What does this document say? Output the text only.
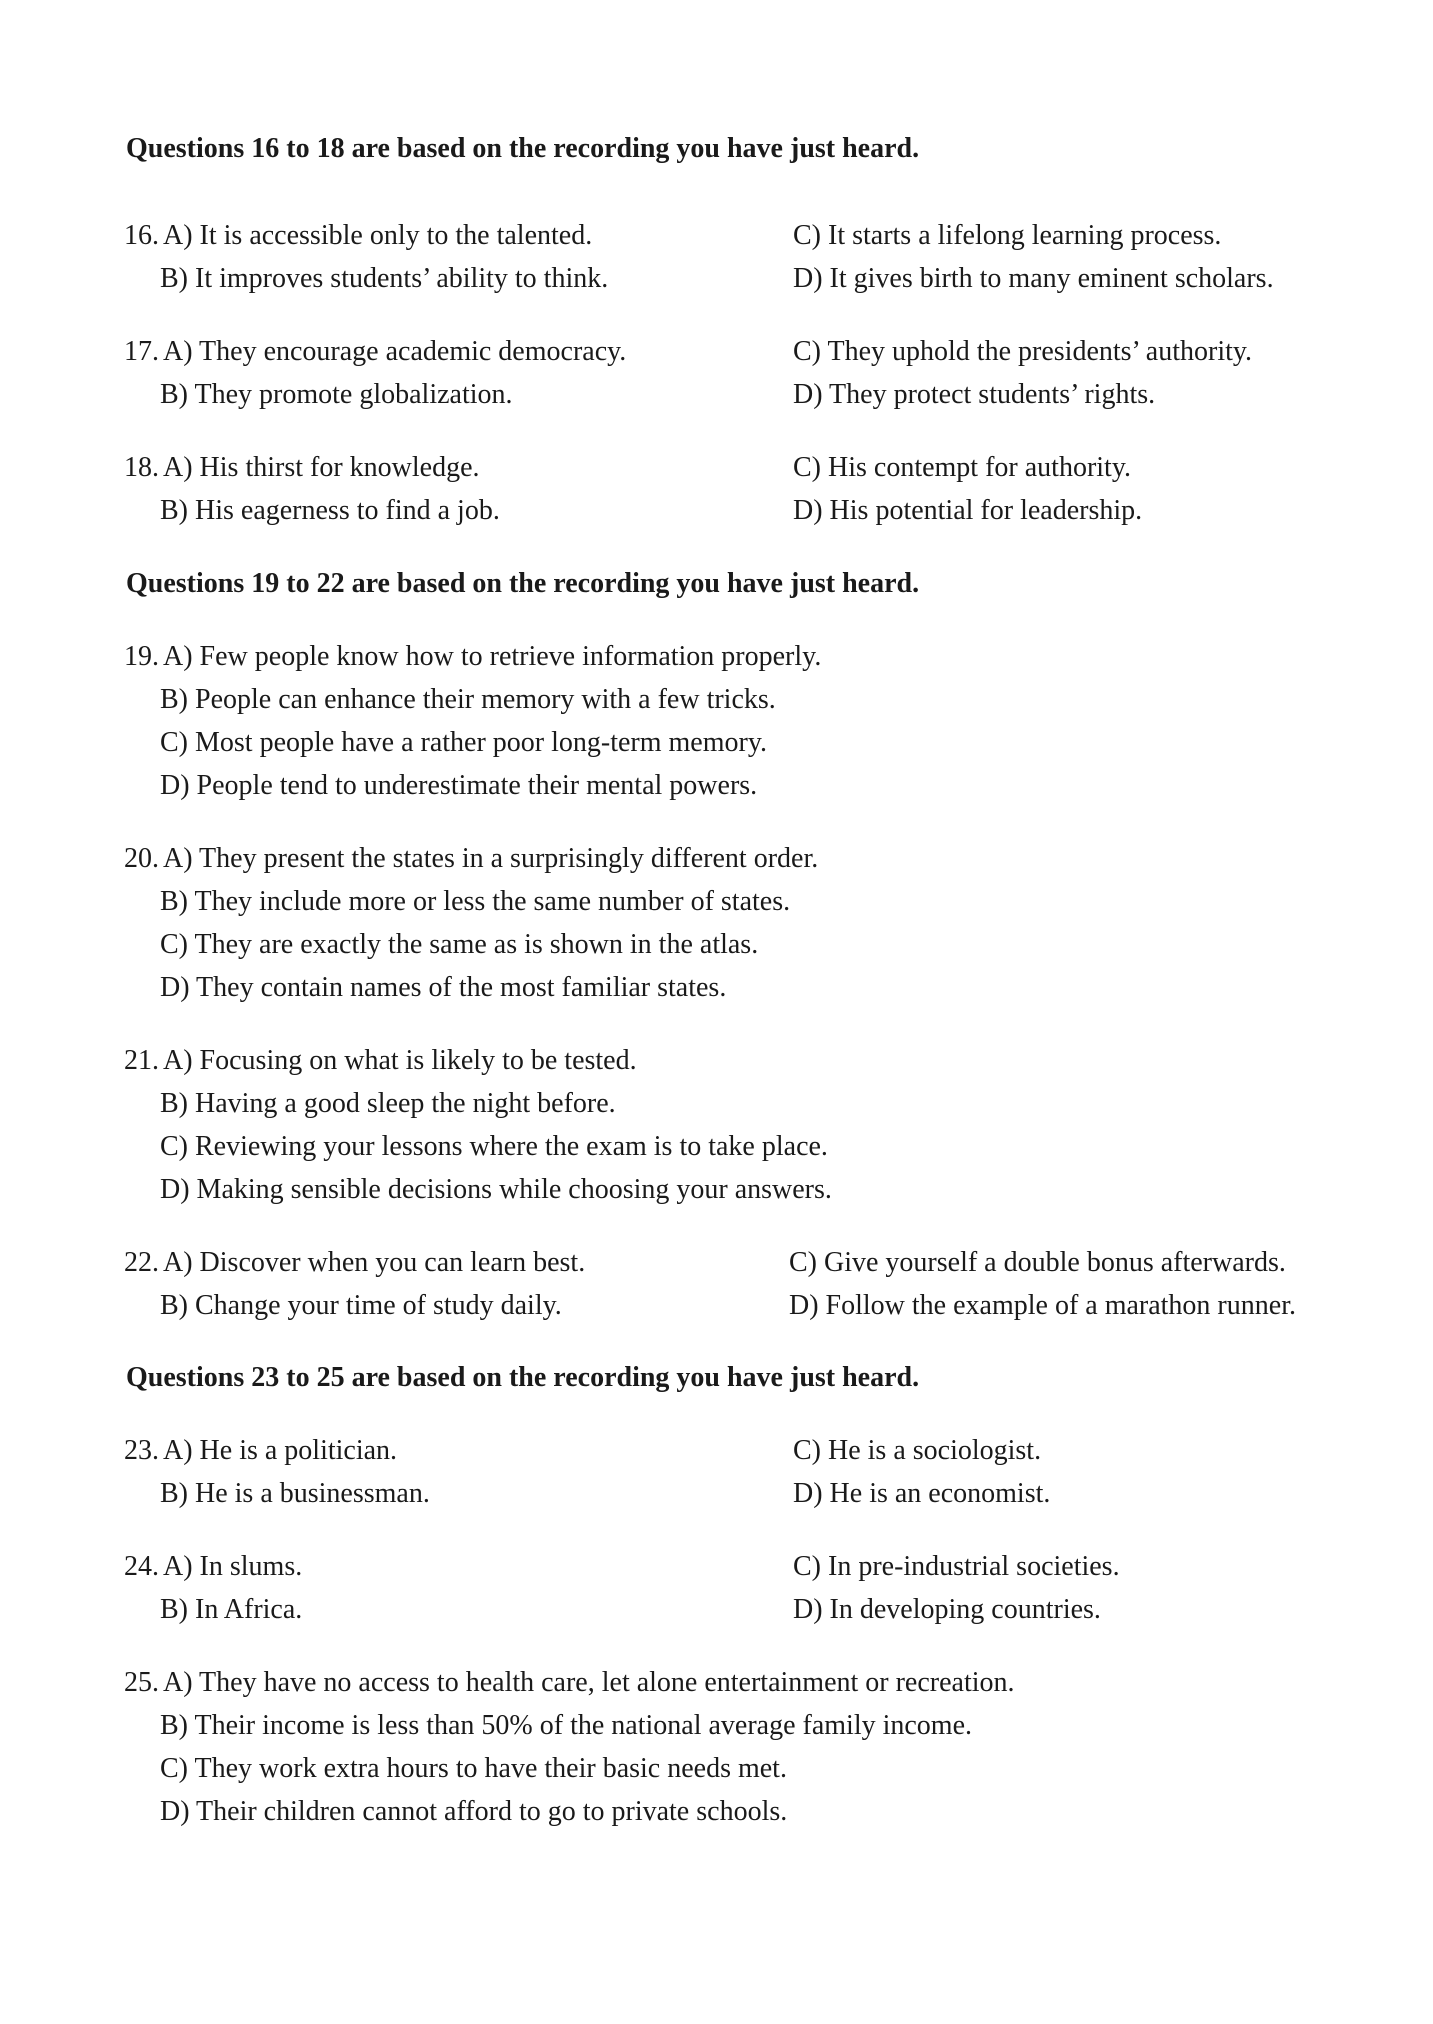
Questions 16 to 18 are based on the recording you have just heard.
16. A) It is accessible only to the talented.
B) It improves students’ ability to think.
C) It starts a lifelong learning process.
D) It gives birth to many eminent scholars.
17. A) They encourage academic democracy.
B) They promote globalization.
C) They uphold the presidents’ authority.
D) They protect students’ rights.
18. A) His thirst for knowledge.
B) His eagerness to find a job.
C) His contempt for authority.
D) His potential for leadership.
Questions 19 to 22 are based on the recording you have just heard.
19. A) Few people know how to retrieve information properly.
B) People can enhance their memory with a few tricks.
C) Most people have a rather poor long-term memory.
D) People tend to underestimate their mental powers.
20. A) They present the states in a surprisingly different order.
B) They include more or less the same number of states.
C) They are exactly the same as is shown in the atlas.
D) They contain names of the most familiar states.
21. A) Focusing on what is likely to be tested.
B) Having a good sleep the night before.
C) Reviewing your lessons where the exam is to take place.
D) Making sensible decisions while choosing your answers.
22. A) Discover when you can learn best.
B) Change your time of study daily.
C) Give yourself a double bonus afterwards.
D) Follow the example of a marathon runner.
Questions 23 to 25 are based on the recording you have just heard.
23. A) He is a politician.
B) He is a businessman.
C) He is a sociologist.
D) He is an economist.
24. A) In slums.
B) In Africa.
C) In pre-industrial societies.
D) In developing countries.
25. A) They have no access to health care, let alone entertainment or recreation.
B) Their income is less than 50% of the national average family income.
C) They work extra hours to have their basic needs met.
D) Their children cannot afford to go to private schools.
